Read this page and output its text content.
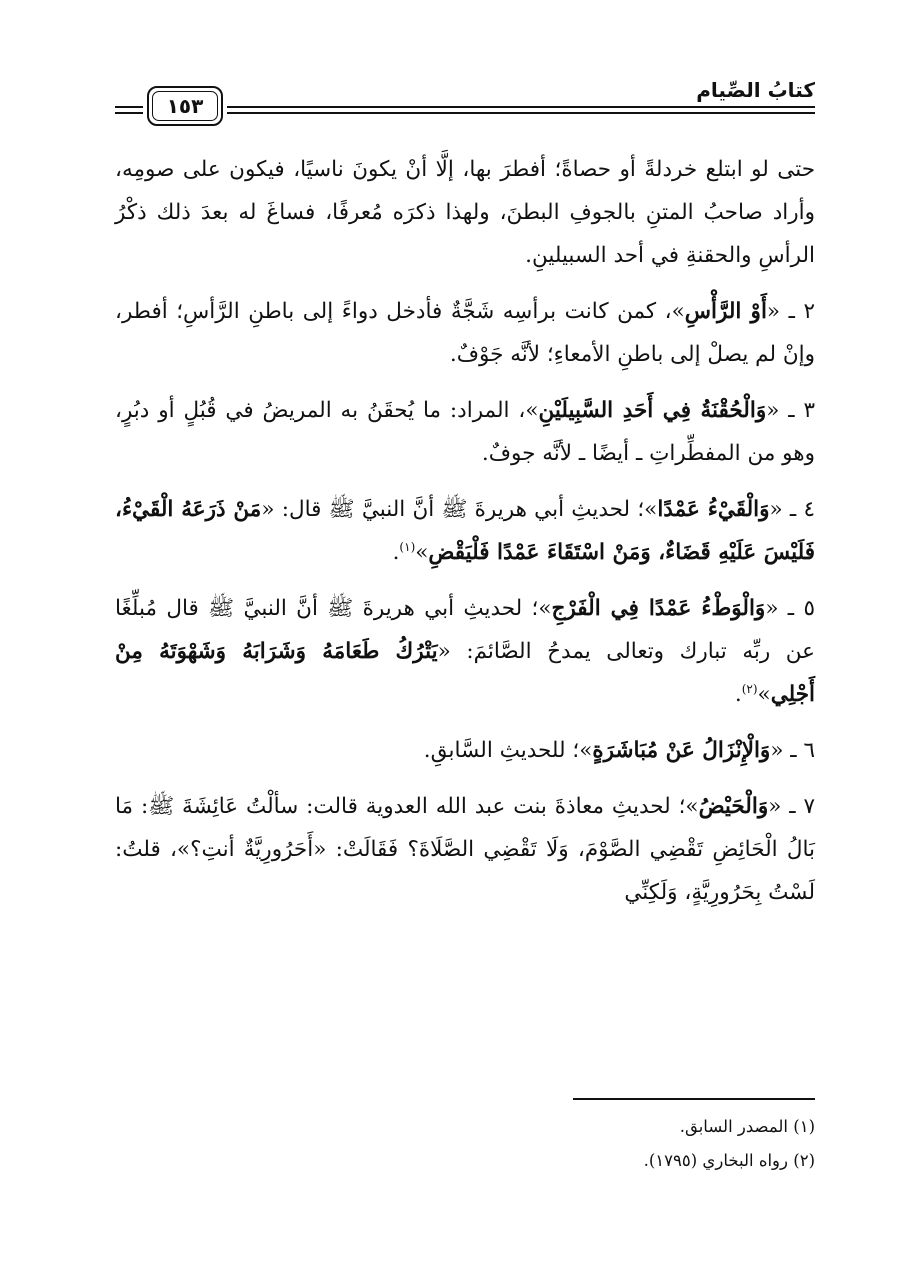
كتابُ الصِّيام
١٥٣

حتى لو ابتلع خردلةً أو حصاةً؛ أفطرَ بها، إلَّا أنْ يكونَ ناسيًا، فيكون على صومِه، وأراد صاحبُ المتنِ بالجوفِ البطنَ، ولهذا ذكرَه مُعرفًا، فساغَ له بعدَ ذلك ذكْرُ الرأسِ والحقنةِ في أحد السبيلينِ.

٢ ـ «أَوْ الرَّأْسِ»، كمن كانت برأسِه شَجَّةٌ فأدخل دواءً إلى باطنِ الرَّأسِ؛ أفطر، وإنْ لم يصلْ إلى باطنِ الأمعاءِ؛ لأنَّه جَوْفٌ.

٣ ـ «وَالْحُقْنَةُ فِي أَحَدِ السَّبِيلَيْنِ»، المراد: ما يُحقَنُ به المريضُ في قُبُلٍ أو دبُرٍ، وهو من المفطِّراتِ ـ أيضًا ـ لأنَّه جوفٌ.

٤ ـ «وَالْقَيْءُ عَمْدًا»؛ لحديثِ أبي هريرةَ ﷺ أنَّ النبيَّ ﷺ قال: «مَنْ ذَرَعَهُ الْقَيْءُ، فَلَيْسَ عَلَيْهِ قَضَاءٌ، وَمَنْ اسْتَقَاءَ عَمْدًا فَلْيَقْضِ»$^{(١)}$.

٥ ـ «وَالْوَطْءُ عَمْدًا فِي الْفَرْجِ»؛ لحديثِ أبي هريرةَ ﷺ أنَّ النبيَّ ﷺ قال مُبلِّغًا عن ربِّه تبارك وتعالى يمدحُ الصَّائمَ: «يَتْرُكُ طَعَامَهُ وَشَرَابَهُ وَشَهْوَتَهُ مِنْ أَجْلِي»$^{(٢)}$.

٦ ـ «وَالْإِنْزَالُ عَنْ مُبَاشَرَةٍ»؛ للحديثِ السَّابقِ.

٧ ـ «وَالْحَيْضُ»؛ لحديثِ معاذةَ بنت عبد الله العدوية قالت: سألْتُ عَائِشَةَ ﷺ: مَا بَالُ الْحَائِضِ تَقْضِي الصَّوْمَ، وَلَا تَقْضِي الصَّلَاةَ؟ فَقَالَتْ: «أَحَرُورِيَّةٌ أنتِ؟»، قلتُ: لَسْتُ بِحَرُورِيَّةٍ، وَلَكِنِّي

(١) المصدر السابق.

(٢) رواه البخاري (١٧٩٥).
